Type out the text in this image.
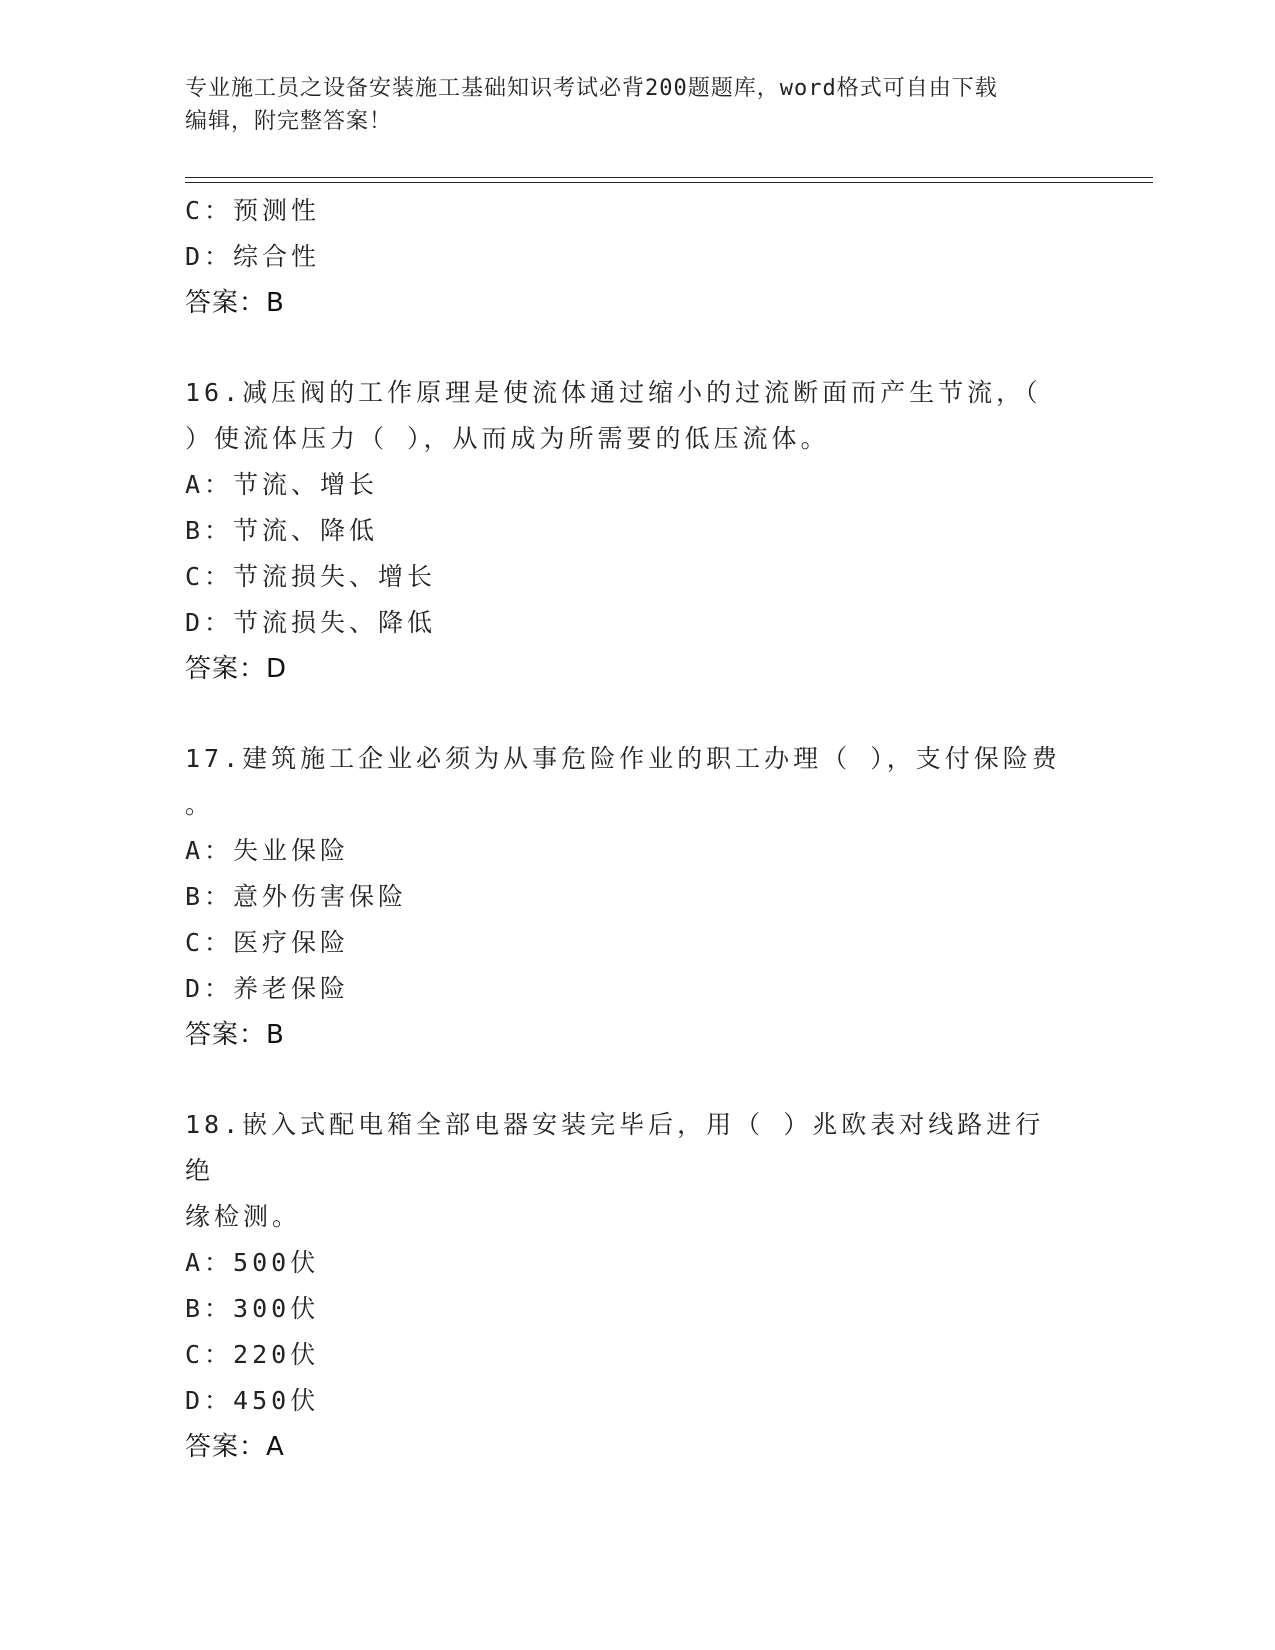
专业施工员之设备安装施工基础知识考试必背200题题库，word格式可自由下载
编辑，附完整答案！
C：预测性
D：综合性
答案：B
16.减压阀的工作原理是使流体通过缩小的过流断面而产生节流，（
）使流体压力（ ），从而成为所需要的低压流体。
A：节流、增长
B：节流、降低
C：节流损失、增长
D：节流损失、降低
答案：D
17.建筑施工企业必须为从事危险作业的职工办理（ ），支付保险费
。
A：失业保险
B：意外伤害保险
C：医疗保险
D：养老保险
答案：B
18.嵌入式配电箱全部电器安装完毕后，用（ ）兆欧表对线路进行绝
缘检测。
A：500伏
B：300伏
C：220伏
D：450伏
答案：A
